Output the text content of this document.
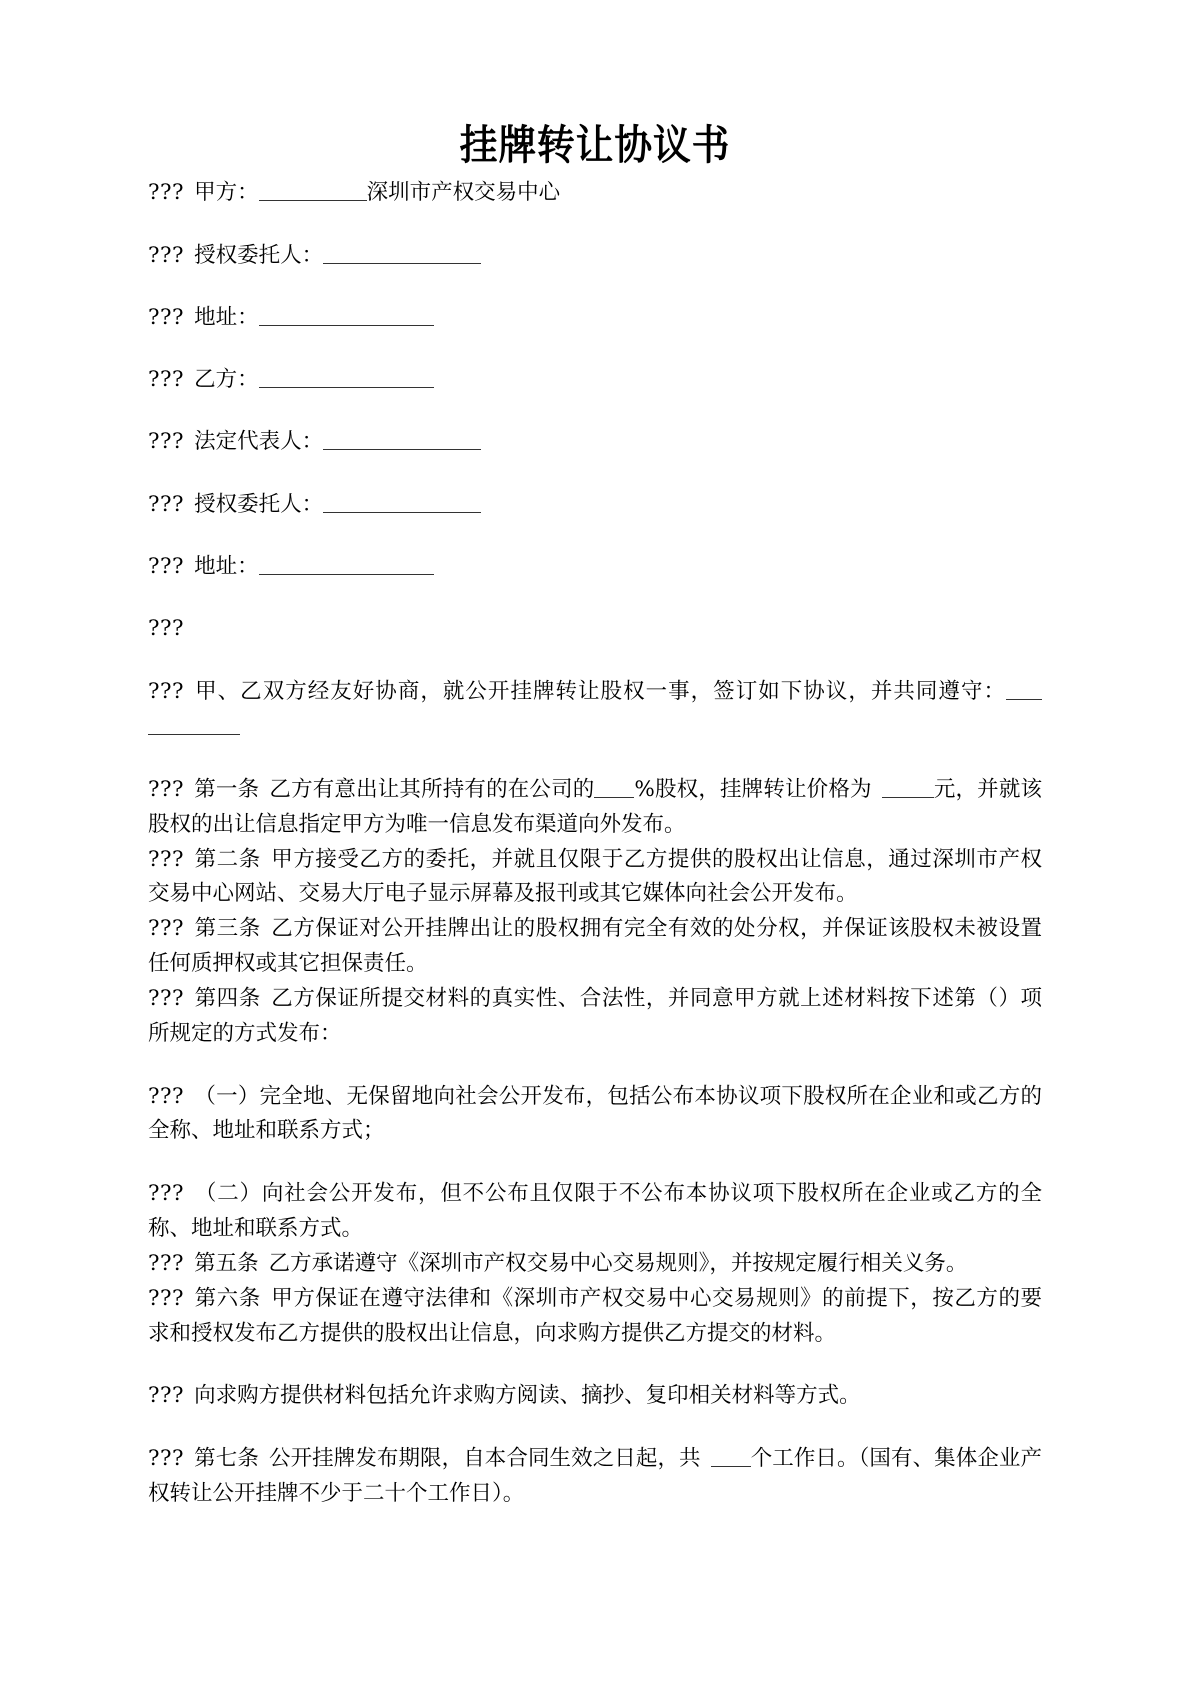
挂牌转让协议书
??? 甲方：	深圳市产权交易中心
??? 授权委托人：
??? 地址：
??? 乙方：
??? 法定代表人：
??? 授权委托人：
??? 地址：
???

??? 甲、乙双方经友好协商，就公开挂牌转让股权一事，签订如下协议，并共同遵守：

??? 第一条 乙方有意出让其所持有的在公司的 %股权，挂牌转让价格为	元，并就该股权的出让信息指定甲方为唯一信息发布渠道向外发布。

??? 第二条 甲方接受乙方的委托，并就且仅限于乙方提供的股权出让信息，通过深圳市产权交易中心网站、交易大厅电子显示屏幕及报刊或其它媒体向社会公开发布。

??? 第三条 乙方保证对公开挂牌出让的股权拥有完全有效的处分权，并保证该股权未被设置任何质押权或其它担保责任。

??? 第四条 乙方保证所提交材料的真实性、合法性，并同意甲方就上述材料按下述第（）项所规定的方式发布：

??? （一）完全地、无保留地向社会公开发布，包括公布本协议项下股权所在企业和或乙方的全称、地址和联系方式；

??? （二）向社会公开发布，但不公布且仅限于不公布本协议项下股权所在企业或乙方的全称、地址和联系方式。

??? 第五条 乙方承诺遵守《深圳市产权交易中心交易规则》，并按规定履行相关义务。

??? 第六条 甲方保证在遵守法律和《深圳市产权交易中心交易规则》的前提下，按乙方的要求和授权发布乙方提供的股权出让信息，向求购方提供乙方提交的材料。

??? 向求购方提供材料包括允许求购方阅读、摘抄、复印相关材料等方式。

??? 第七条 公开挂牌发布期限，自本合同生效之日起，共 个工作日。（国有、集体企业产权转让公开挂牌不少于二十个工作日）。
